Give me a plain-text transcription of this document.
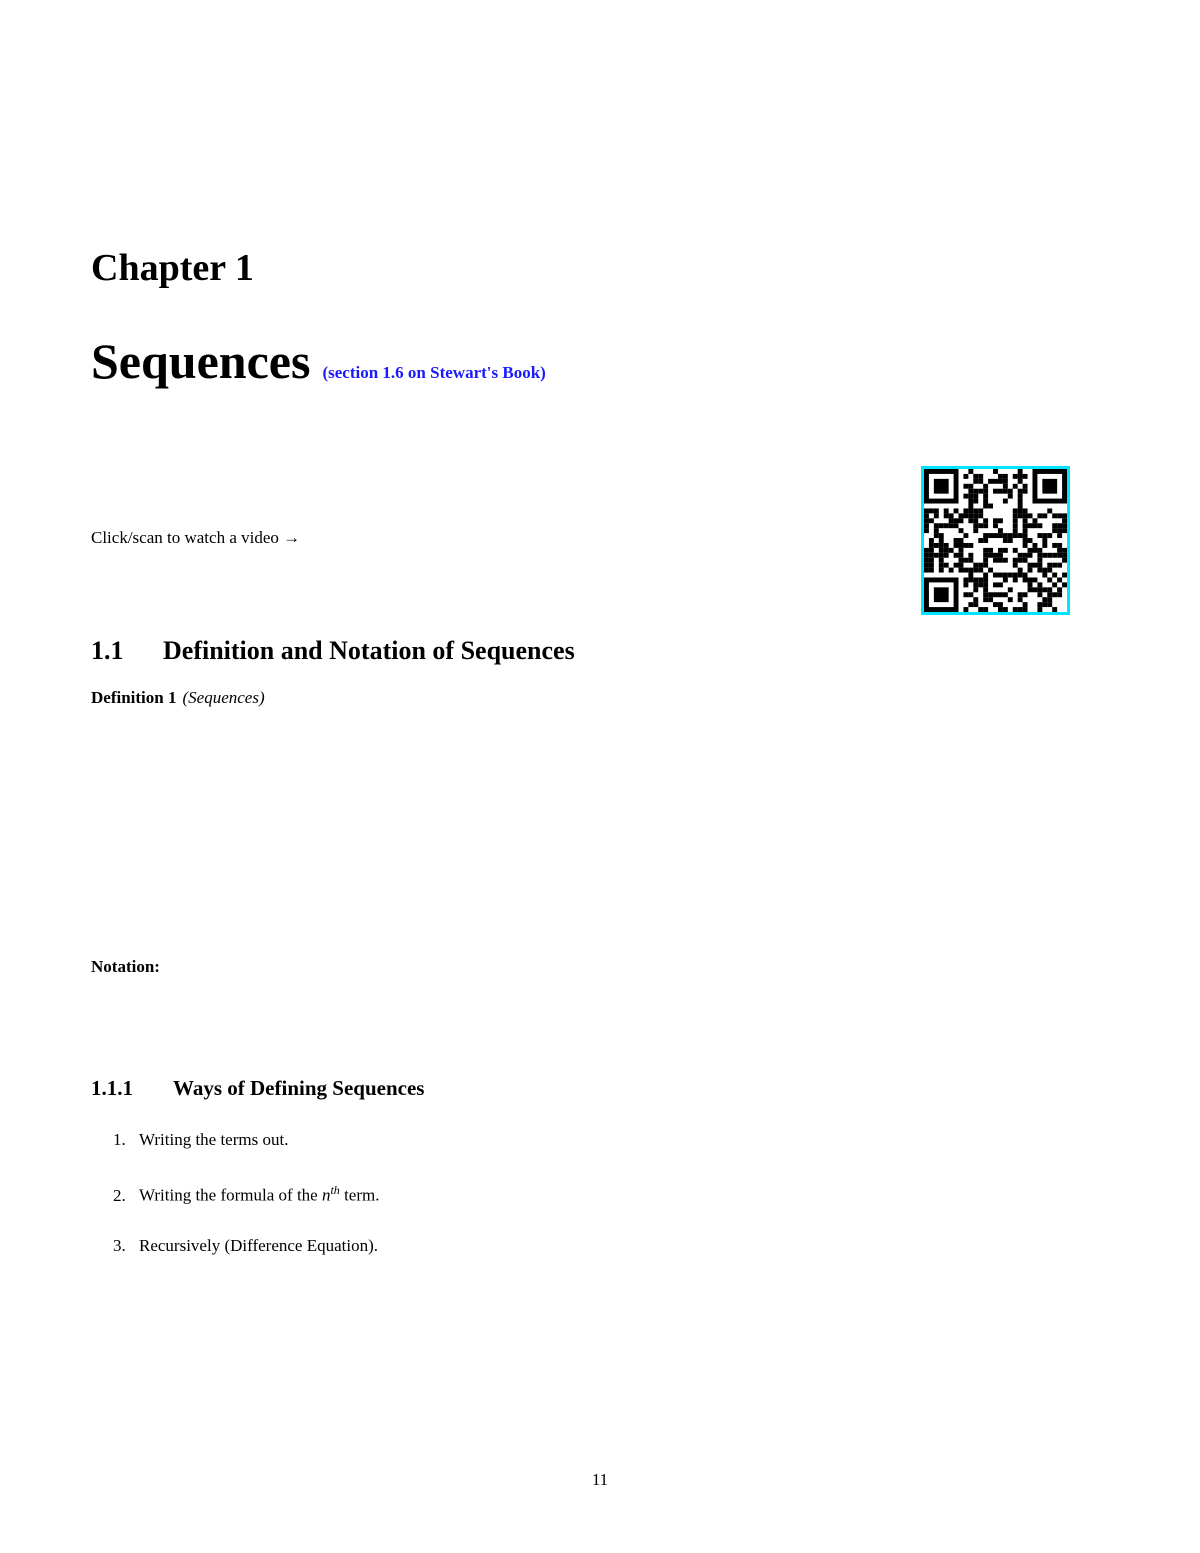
Chapter 1
Sequences (section 1.6 on Stewart's Book)

Click/scan to watch a video →

1.1 Definition and Notation of Sequences

Definition 1 (Sequences)

Notation:

1.1.1 Ways of Defining Sequences
1. Writing the terms out.
2. Writing the formula of the $n^{th}$ term.
3. Recursively (Difference Equation).

11
